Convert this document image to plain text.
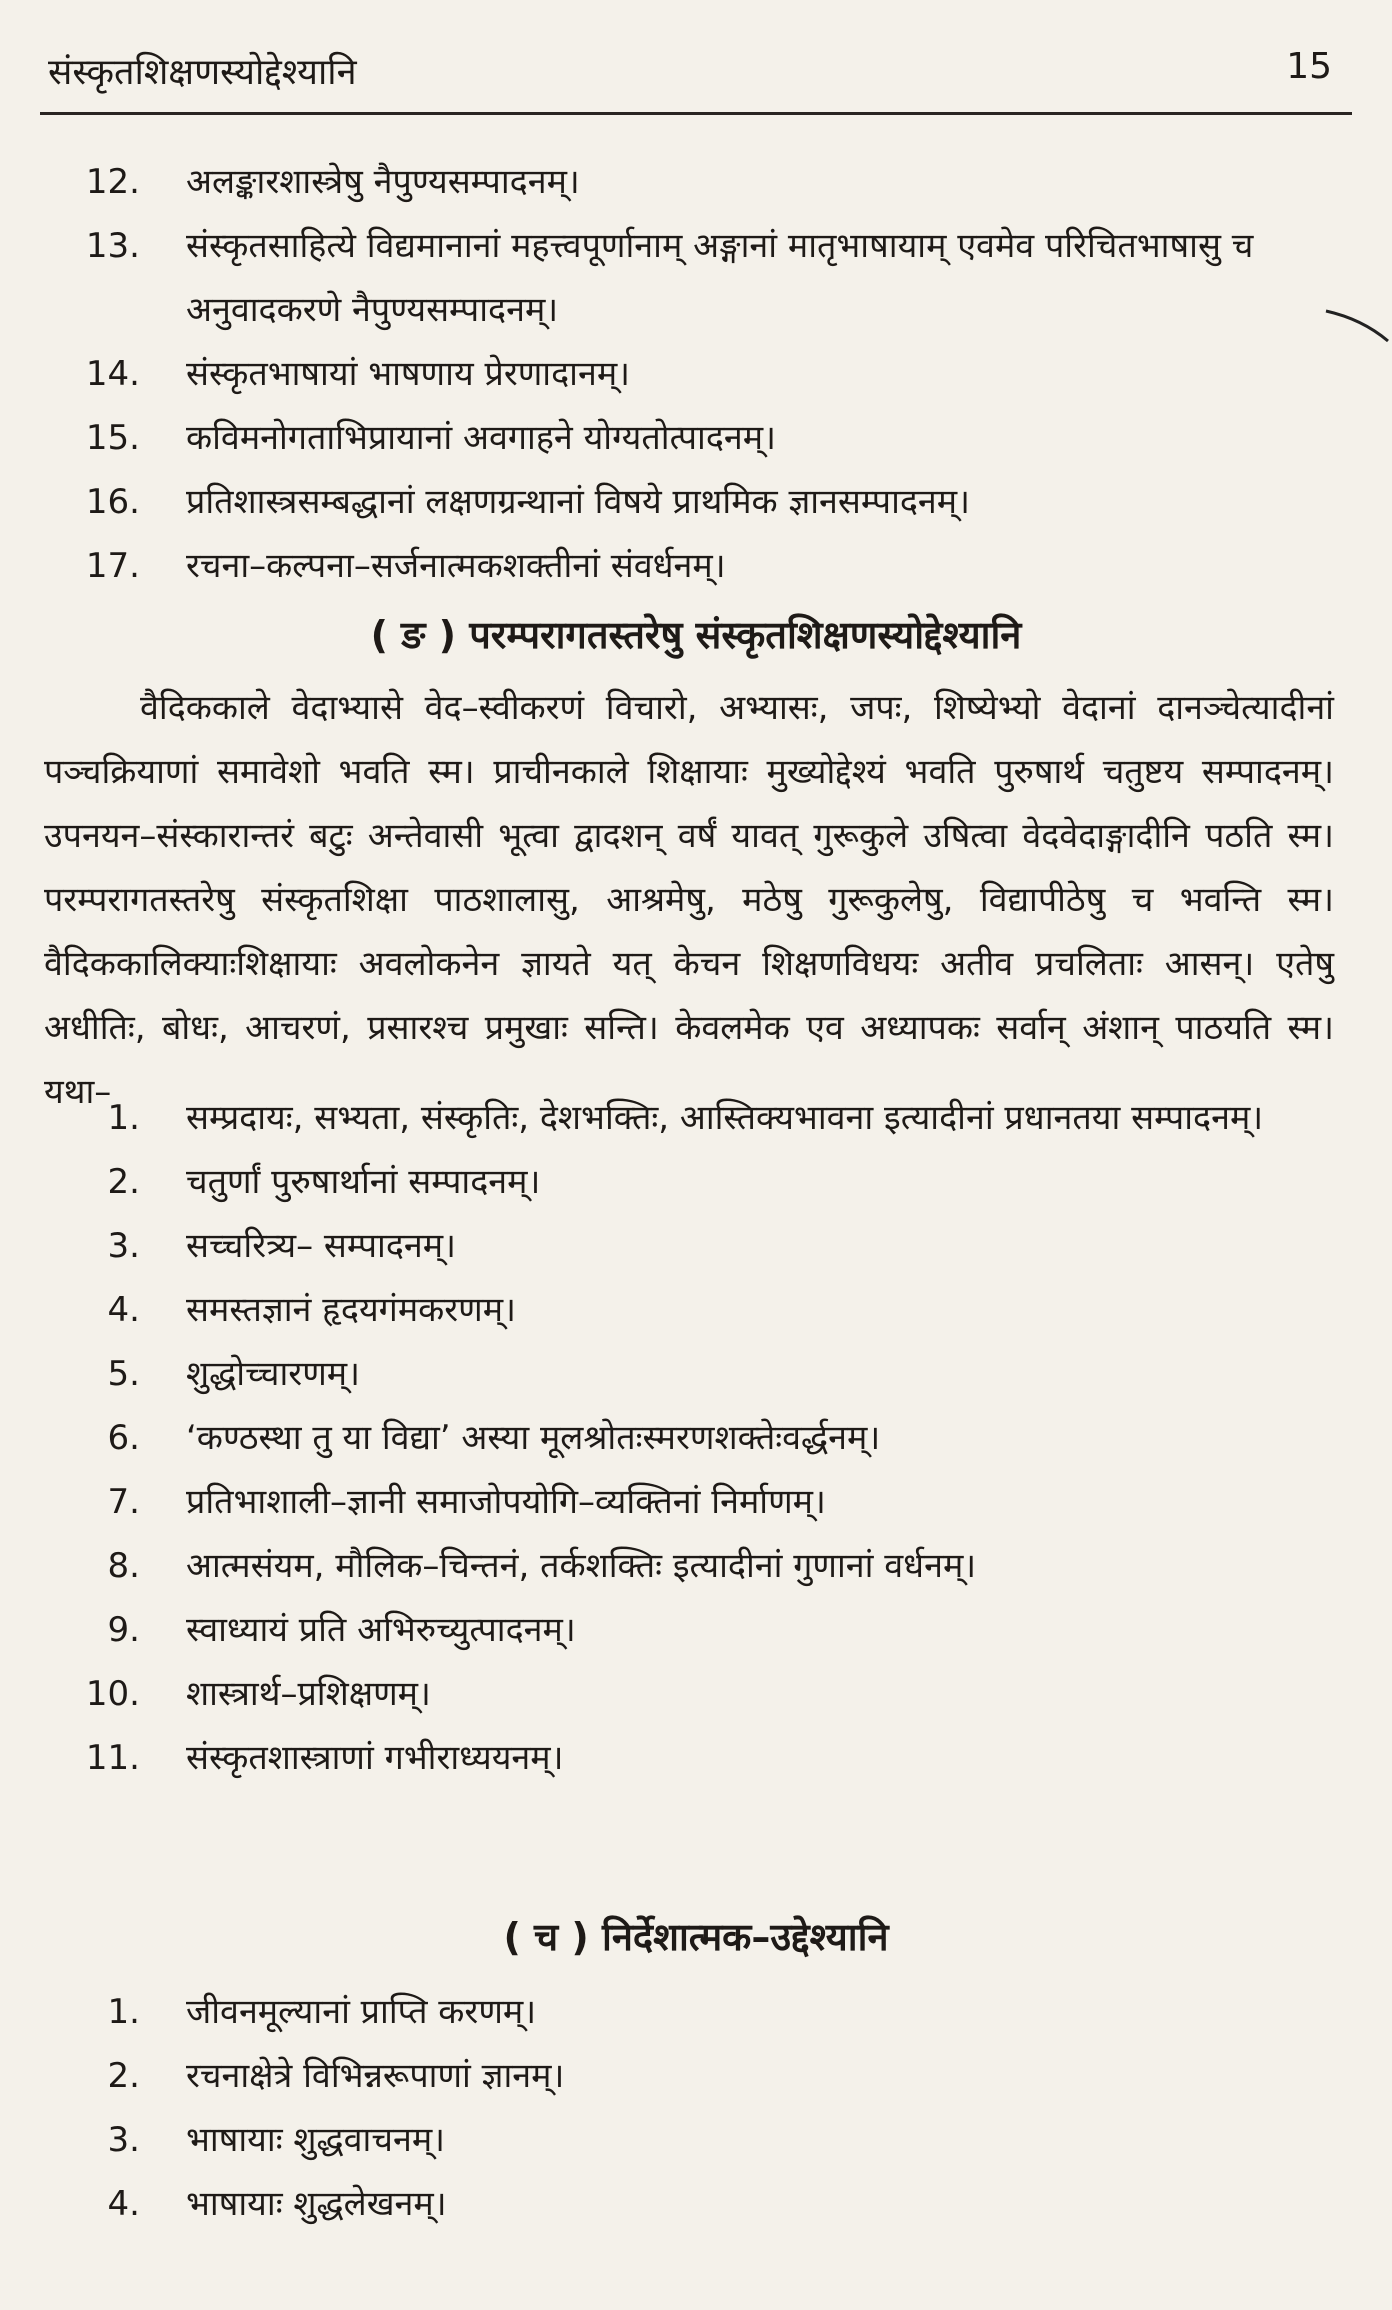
संस्कृतशिक्षणस्योद्देश्यानि	15
12.	अलङ्कारशास्त्रेषु नैपुण्यसम्पादनम्।
13.	संस्कृतसाहित्ये विद्यमानानां महत्त्वपूर्णानाम् अङ्गानां मातृभाषायाम् एवमेव परिचितभाषासु च अनुवादकरणे नैपुण्यसम्पादनम्।
14.	संस्कृतभाषायां भाषणाय प्रेरणादानम्।
15.	कविमनोगताभिप्रायानां अवगाहने योग्यतोत्पादनम्।
16.	प्रतिशास्त्रसम्बद्धानां लक्षणग्रन्थानां विषये प्राथमिक ज्ञानसम्पादनम्।
17.	रचना–कल्पना–सर्जनात्मकशक्तीनां संवर्धनम्।
( ङ ) परम्परागतस्तरेषु संस्कृतशिक्षणस्योद्देश्यानि

वैदिककाले वेदाभ्यासे वेद–स्वीकरणं विचारो, अभ्यासः, जपः, शिष्येभ्यो वेदानां दानञ्चेत्यादीनां पञ्चक्रियाणां समावेशो भवति स्म। प्राचीनकाले शिक्षायाः मुख्योद्देश्यं भवति पुरुषार्थ चतुष्टय सम्पादनम्। उपनयन–संस्कारान्तरं बटुः अन्तेवासी भूत्वा द्वादशन् वर्षं यावत् गुरूकुले उषित्वा वेदवेदाङ्गादीनि पठति स्म। परम्परागतस्तरेषु संस्कृतशिक्षा पाठशालासु, आश्रमेषु, मठेषु गुरूकुलेषु, विद्यापीठेषु च भवन्ति स्म। वैदिककालिक्याःशिक्षायाः अवलोकनेन ज्ञायते यत् केचन शिक्षणविधयः अतीव प्रचलिताः आसन्। एतेषु अधीतिः, बोधः, आचरणं, प्रसारश्च प्रमुखाः सन्ति। केवलमेक एव अध्यापकः सर्वान् अंशान् पाठयति स्म। यथा–

1.	सम्प्रदायः, सभ्यता, संस्कृतिः, देशभक्तिः, आस्तिक्यभावना इत्यादीनां प्रधानतया सम्पादनम्।
2.	चतुर्णां पुरुषार्थानां सम्पादनम्।
3.	सच्चरित्र्य– सम्पादनम्।
4.	समस्तज्ञानं हृदयगंमकरणम्।
5.	शुद्धोच्चारणम्।
6.	‘कण्ठस्था तु या विद्या’ अस्या मूलश्रोतःस्मरणशक्तेःवर्द्धनम्।
7.	प्रतिभाशाली–ज्ञानी समाजोपयोगि–व्यक्तिनां निर्माणम्।
8.	आत्मसंयम, मौलिक–चिन्तनं, तर्कशक्तिः इत्यादीनां गुणानां वर्धनम्।
9.	स्वाध्यायं प्रति अभिरुच्युत्पादनम्।
10.	शास्त्रार्थ–प्रशिक्षणम्।
11.	संस्कृतशास्त्राणां गभीराध्ययनम्।
( च ) निर्देशात्मक–उद्देश्यानि
1.	जीवनमूल्यानां प्राप्ति करणम्।
2.	रचनाक्षेत्रे विभिन्नरूपाणां ज्ञानम्।
3.	भाषायाः शुद्धवाचनम्।
4.	भाषायाः शुद्धलेखनम्।
